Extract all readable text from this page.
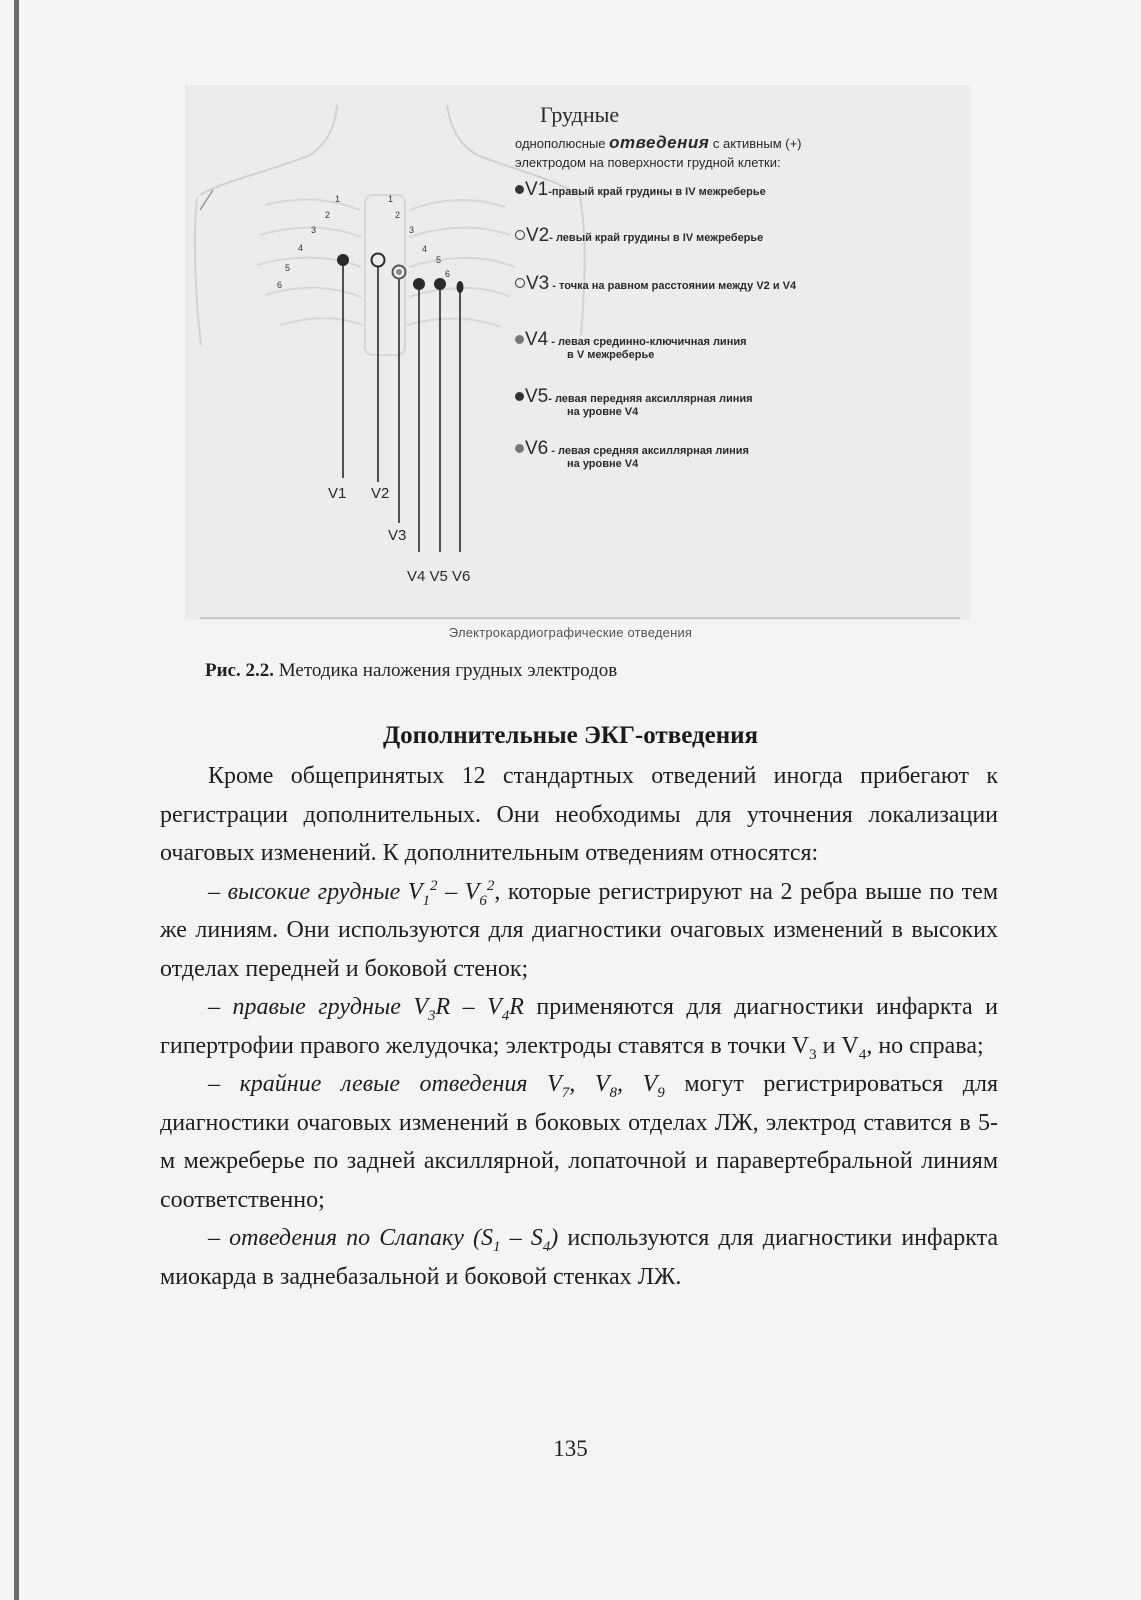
1
2
3
4
5
6
1
2
3
4
5
6
Грудные
однополюсные отведения с активным (+)
электродом на поверхности грудной клетки:
V1-правый край грудины в IV межреберье
V2- левый край грудины в IV межреберье
V3 - точка на равном расстоянии между V2 и V4
V4 - левая срединно-ключичная линия
в V межреберье
V5- левая передняя аксиллярная линия
на уровне V4
V6 - левая средняя аксиллярная линия
на уровне V4
V1 V2
V3
V4 V5 V6
Электрокардиографические отведения
Рис. 2.2. Методика наложения грудных электродов
Дополнительные ЭКГ-отведения

Кроме общепринятых 12 стандартных отведений иногда прибегают к регистрации дополнительных. Они необходимы для уточнения локализации очаговых изменений. К дополнительным отведениям относятся:

– высокие грудные $V_1^2 - V_6^2$, которые регистрируют на 2 ребра выше по тем же линиям. Они используются для диагностики очаговых изменений в высоких отделах передней и боковой стенок;

– правые грудные $V_3R - V_4R$ применяются для диагностики инфаркта и гипертрофии правого желудочка; электроды ставятся в точки $V_3$ и $V_4$, но справа;

– крайние левые отведения $V_7$, $V_8$, $V_9$ могут регистрироваться для диагностики очаговых изменений в боковых отделах ЛЖ, электрод ставится в 5-м межреберье по задней аксиллярной, лопаточной и паравертебральной линиям соответственно;

– отведения по Слапаку $(S_1 - S_4)$ используются для диагностики инфаркта миокарда в заднебазальной и боковой стенках ЛЖ.

135
